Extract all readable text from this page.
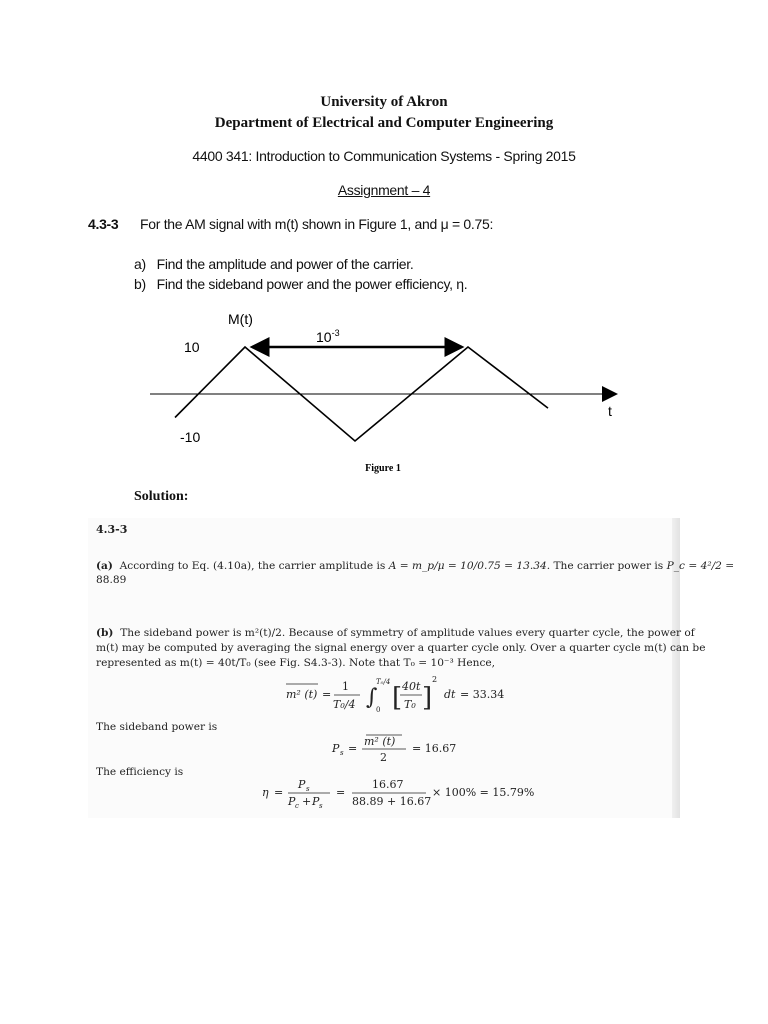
University of Akron
Department of Electrical and Computer Engineering
4400 341: Introduction to Communication Systems - Spring 2015
Assignment – 4
4.3-3 For the AM signal with m(t) shown in Figure 1, and μ = 0.75:
a)   Find the amplitude and power of the carrier.
b)   Find the sideband power and the power efficiency, η.
M(t)
$10^{-3}$
10
-10
t
Figure 1
Solution:
4.3-3
(a) According to Eq. (4.10a), the carrier amplitude is A = m_p/μ = 10/0.75 = 13.34. The carrier power is P_c = 4²/2 =
88.89
(b) The sideband power is m²(t)/2. Because of symmetry of amplitude values every quarter cycle, the power of
m(t) may be computed by averaging the signal energy over a quarter cycle only. Over a quarter cycle m(t) can be
represented as m(t) = 40t/T₀ (see Fig. S4.3-3). Note that T₀ = 10⁻³ Hence,
m² (t) =
1
T₀/4 ∫
T₀/4
0 [ 40t
T₀ ]
2
dt = 33.34
The sideband power is
P s =
m² (t)
2
= 16.67
The efficiency is
η =
P s
P c + P s
=
16.67
88.89 + 16.67
× 100% = 15.79%
